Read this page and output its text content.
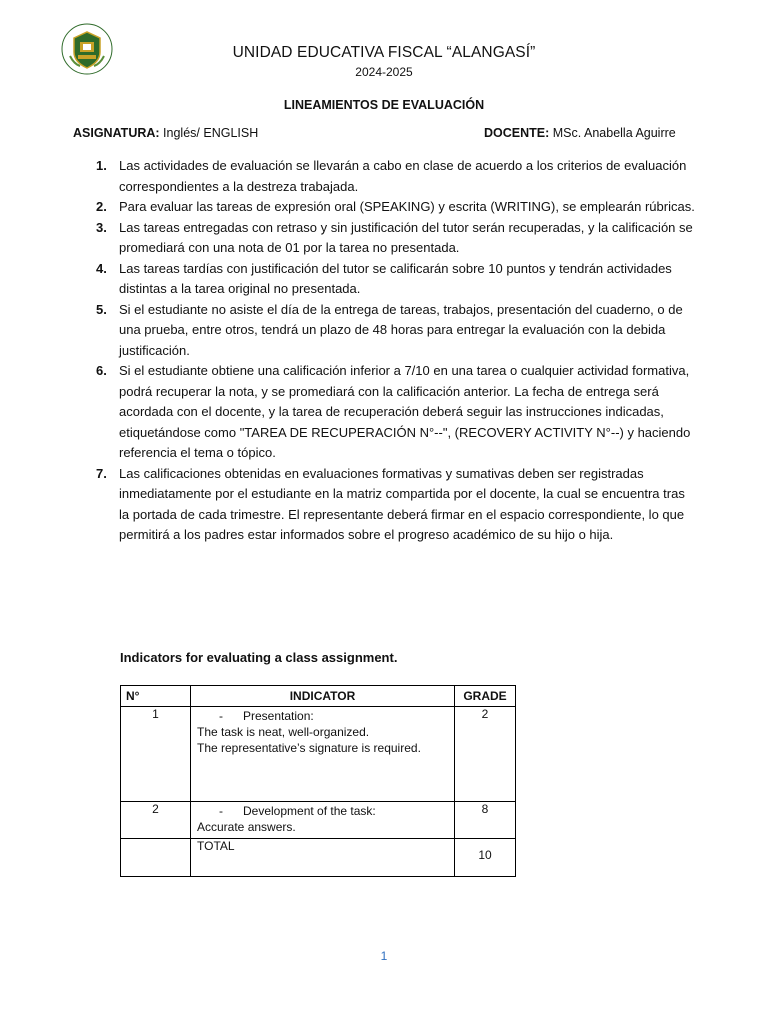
UNIDAD EDUCATIVA FISCAL “ALANGASÍ”
2024-2025
LINEAMIENTOS DE EVALUACIÓN
ASIGNATURA: Inglés/ ENGLISH	DOCENTE: MSc. Anabella Aguirre
1. Las actividades de evaluación se llevarán a cabo en clase de acuerdo a los criterios de evaluación correspondientes a la destreza trabajada.
2. Para evaluar las tareas de expresión oral (SPEAKING) y escrita (WRITING), se emplearán rúbricas.
3. Las tareas entregadas con retraso y sin justificación del tutor serán recuperadas, y la calificación se promediará con una nota de 01 por la tarea no presentada.
4. Las tareas tardías con justificación del tutor se calificarán sobre 10 puntos y tendrán actividades distintas a la tarea original no presentada.
5. Si el estudiante no asiste el día de la entrega de tareas, trabajos, presentación del cuaderno, o de una prueba, entre otros, tendrá un plazo de 48 horas para entregar la evaluación con la debida justificación.
6. Si el estudiante obtiene una calificación inferior a 7/10 en una tarea o cualquier actividad formativa, podrá recuperar la nota, y se promediará con la calificación anterior. La fecha de entrega será acordada con el docente, y la tarea de recuperación deberá seguir las instrucciones indicadas, etiquetándose como "TAREA DE RECUPERACIÓN N°--", (RECOVERY ACTIVITY N°--) y haciendo referencia el tema o tópico.
7. Las calificaciones obtenidas en evaluaciones formativas y sumativas deben ser registradas inmediatamente por el estudiante en la matriz compartida por el docente, la cual se encuentra tras la portada de cada trimestre. El representante deberá firmar en el espacio correspondiente, lo que permitirá a los padres estar informados sobre el progreso académico de su hijo o hija.
Indicators for evaluating a class assignment.
N°	INDICATOR	GRADE
1	- Presentation:
The task is neat, well-organized.
The representative’s signature is required.	2
2	- Development of the task:
Accurate answers.	8
	TOTAL	10
1
